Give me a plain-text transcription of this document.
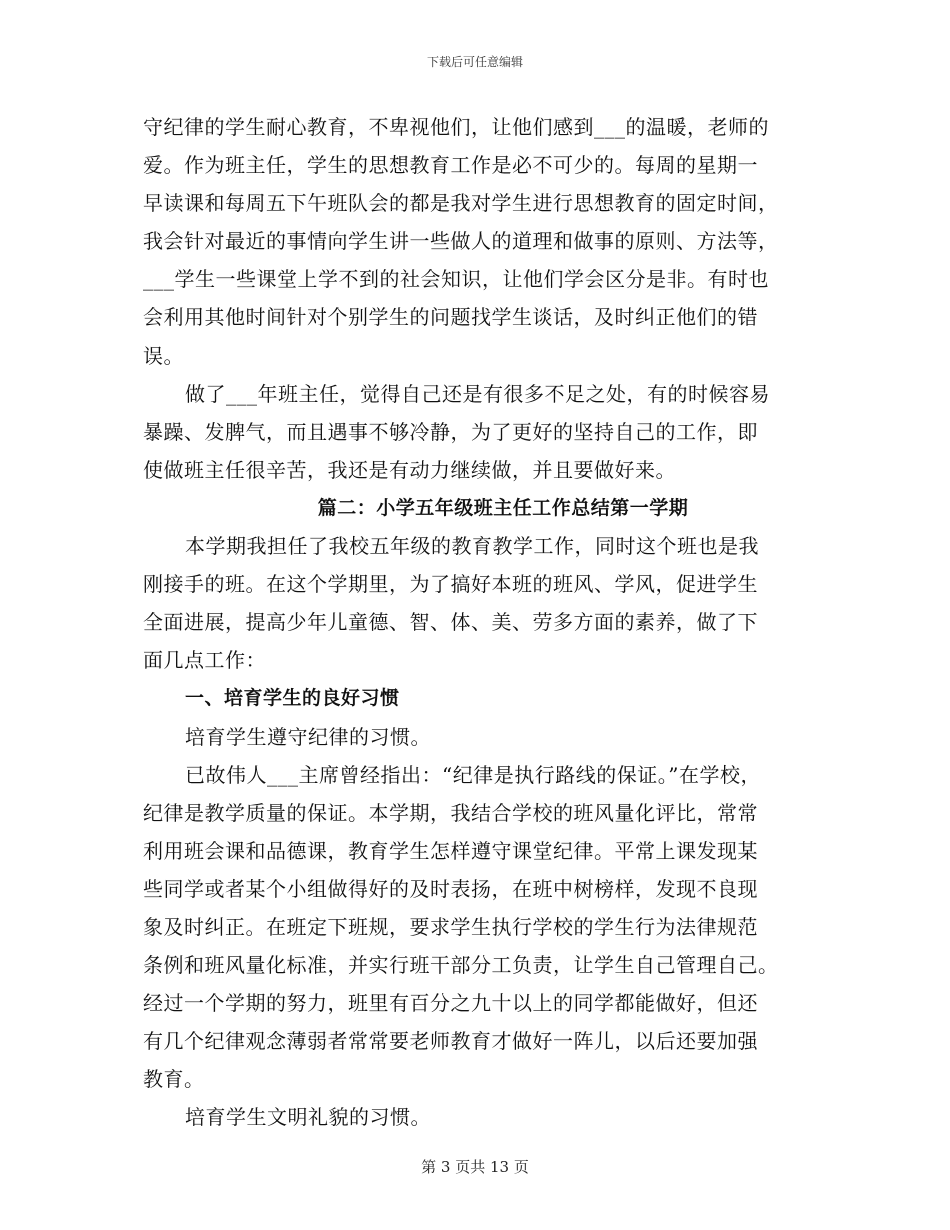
下载后可任意编辑
守纪律的学生耐心教育，不卑视他们，让他们感到___的温暖，老师的
爱。作为班主任，学生的思想教育工作是必不可少的。每周的星期一
早读课和每周五下午班队会的都是我对学生进行思想教育的固定时间，
我会针对最近的事情向学生讲一些做人的道理和做事的原则、方法等，
___学生一些课堂上学不到的社会知识，让他们学会区分是非。有时也
会利用其他时间针对个别学生的问题找学生谈话，及时纠正他们的错
误。
做了___年班主任，觉得自己还是有很多不足之处，有的时候容易
暴躁、发脾气，而且遇事不够冷静，为了更好的坚持自己的工作，即
使做班主任很辛苦，我还是有动力继续做，并且要做好来。
篇二：小学五年级班主任工作总结第一学期
本学期我担任了我校五年级的教育教学工作，同时这个班也是我
刚接手的班。在这个学期里，为了搞好本班的班风、学风，促进学生
全面进展，提高少年儿童德、智、体、美、劳多方面的素养，做了下
面几点工作：
一、培育学生的良好习惯
培育学生遵守纪律的习惯。
已故伟人___主席曾经指出：“纪律是执行路线的保证。”在学校，
纪律是教学质量的保证。本学期，我结合学校的班风量化评比，常常
利用班会课和品德课，教育学生怎样遵守课堂纪律。平常上课发现某
些同学或者某个小组做得好的及时表扬，在班中树榜样，发现不良现
象及时纠正。在班定下班规，要求学生执行学校的学生行为法律规范
条例和班风量化标准，并实行班干部分工负责，让学生自己管理自己。
经过一个学期的努力，班里有百分之九十以上的同学都能做好，但还
有几个纪律观念薄弱者常常要老师教育才做好一阵儿，以后还要加强
教育。
培育学生文明礼貌的习惯。
第 3 页共 13 页
